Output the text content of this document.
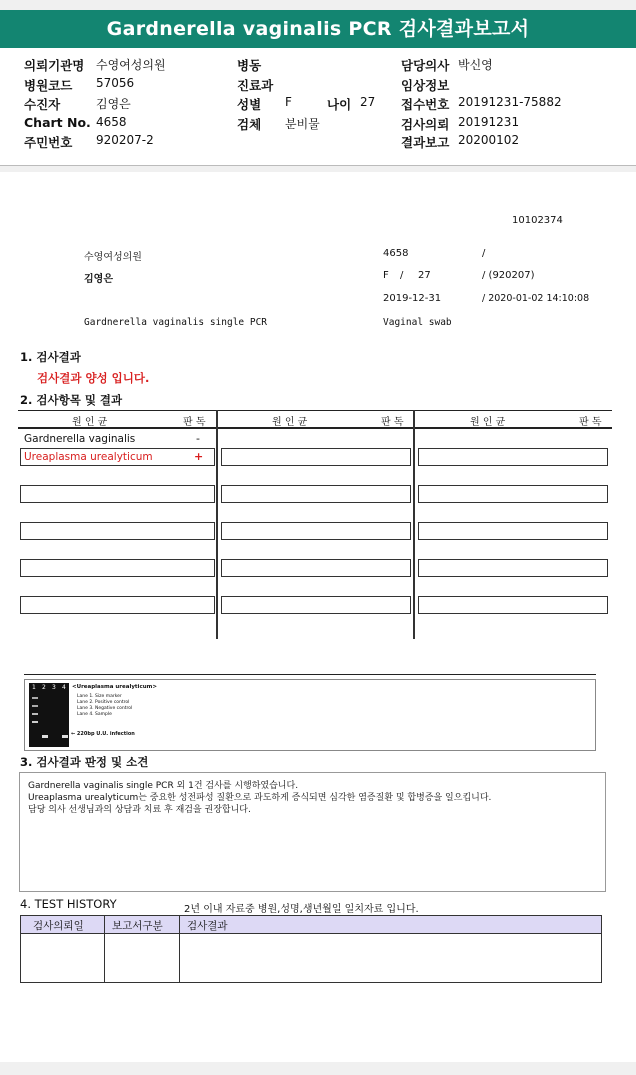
Gardnerella vaginalis PCR 검사결과보고서
의뢰기관명 수영여성의원
병원코드 57056
수진자	김영은
Chart No. 4658
주민번호 920207-2
병동
진료과
성별 F	나이 27
검체 분비물
담당의사 박신영
임상정보
접수번호 20191231-75882
검사의뢰 20191231
결과보고 20200102
10102374
수영여성의원	4658	/
김영은	F / 27	/ (920207)
2019-12-31	/ 2020-01-02 14:10:08
Gardnerella vaginalis single PCR	Vaginal swab
1. 검사결과
검사결과 양성 입니다.
2. 검사항목 및 결과
원 인 균	판 독	원 인 균	판 독	원 인 균	판 독
Gardnerella vaginalis	-
Ureaplasma urealyticum	+
1 2 3 4 <Ureaplasma urealyticum>
Lane 1. Size marker
Lane 2. Positive control
Lane 3. Negative control
Lane 4. Sample
← 220bp U.U. infection
3. 검사결과 판정 및 소견
Gardnerella vaginalis single PCR 외 1건 검사를 시행하였습니다.
Ureaplasma urealyticum는 중요한 성전파성 질환으로 과도하게 증식되면 심각한 염증질환 및 합병증을 일으킵니다.
담당 의사 선생님과의 상담과 치료 후 재검을 권장합니다.
4. TEST HISTORY	2년 이내 자료중 병원,성명,생년월일 일치자료 입니다.
검사의뢰일	보고서구분 검사결과
